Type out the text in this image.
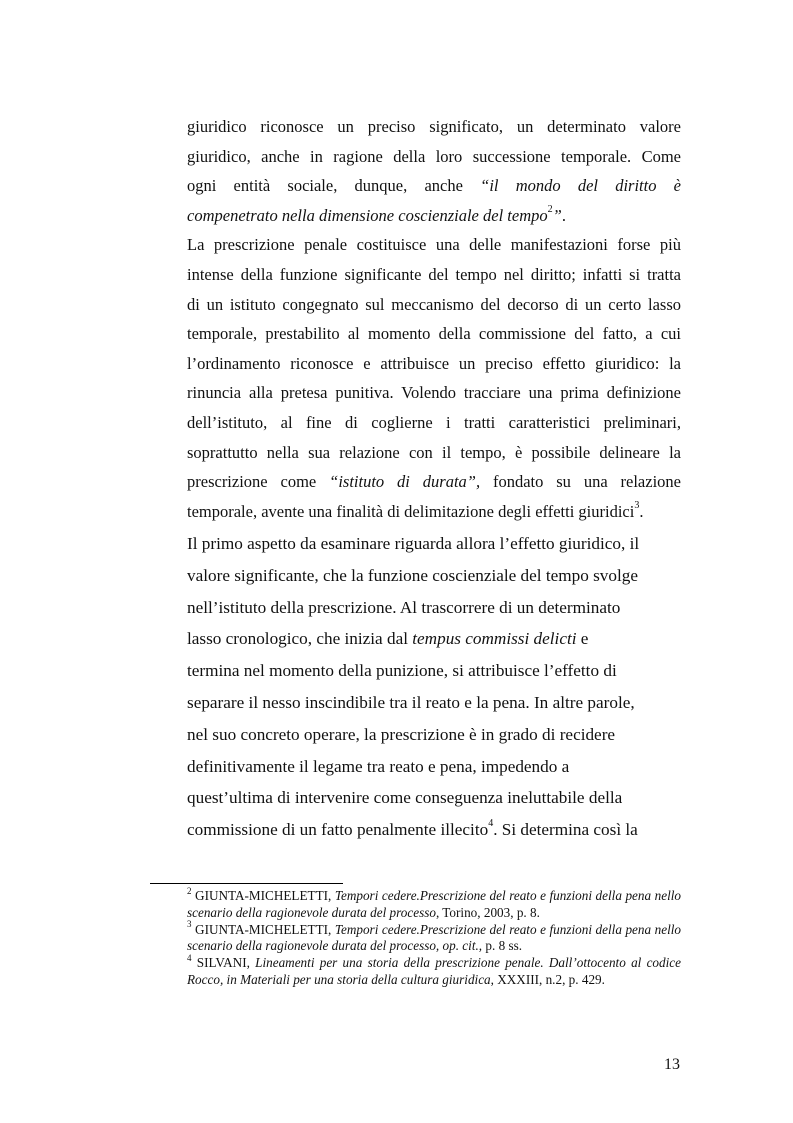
giuridico riconosce un preciso significato, un determinato valore
giuridico, anche in ragione della loro successione temporale. Come
ogni entità sociale, dunque, anche “il mondo del diritto è
compenetrato nella dimensione coscienziale del tempo$^2$”.
La prescrizione penale costituisce una delle manifestazioni forse più
intense della funzione significante del tempo nel diritto; infatti si tratta
di un istituto congegnato sul meccanismo del decorso di un certo lasso
temporale, prestabilito al momento della commissione del fatto, a cui
l’ordinamento riconosce e attribuisce un preciso effetto giuridico: la
rinuncia alla pretesa punitiva. Volendo tracciare una prima definizione
dell’istituto, al fine di coglierne i tratti caratteristici preliminari,
soprattutto nella sua relazione con il tempo, è possibile delineare la
prescrizione come “istituto di durata”, fondato su una relazione
temporale, avente una finalità di delimitazione degli effetti giuridici$^3$.
Il primo aspetto da esaminare riguarda allora l’effetto giuridico, il
valore significante, che la funzione coscienziale del tempo svolge
nell’istituto della prescrizione. Al trascorrere di un determinato
lasso cronologico, che inizia dal tempus commissi delicti e
termina nel momento della punizione, si attribuisce l’effetto di
separare il nesso inscindibile tra il reato e la pena. In altre parole,
nel suo concreto operare, la prescrizione è in grado di recidere
definitivamente il legame tra reato e pena, impedendo a
quest’ultima di intervenire come conseguenza ineluttabile della
commissione di un fatto penalmente illecito$^4$. Si determina così la

$^2$ GIUNTA-MICHELETTI, Tempori cedere.Prescrizione del reato e funzioni della pena nello scenario della ragionevole durata del processo, Torino, 2003, p. 8.

$^3$ GIUNTA-MICHELETTI, Tempori cedere.Prescrizione del reato e funzioni della pena nello scenario della ragionevole durata del processo, op. cit., p. 8 ss.

$^4$ SILVANI, Lineamenti per una storia della prescrizione penale. Dall’ottocento al codice Rocco, in Materiali per una storia della cultura giuridica, XXXIII, n.2, p. 429.

13
